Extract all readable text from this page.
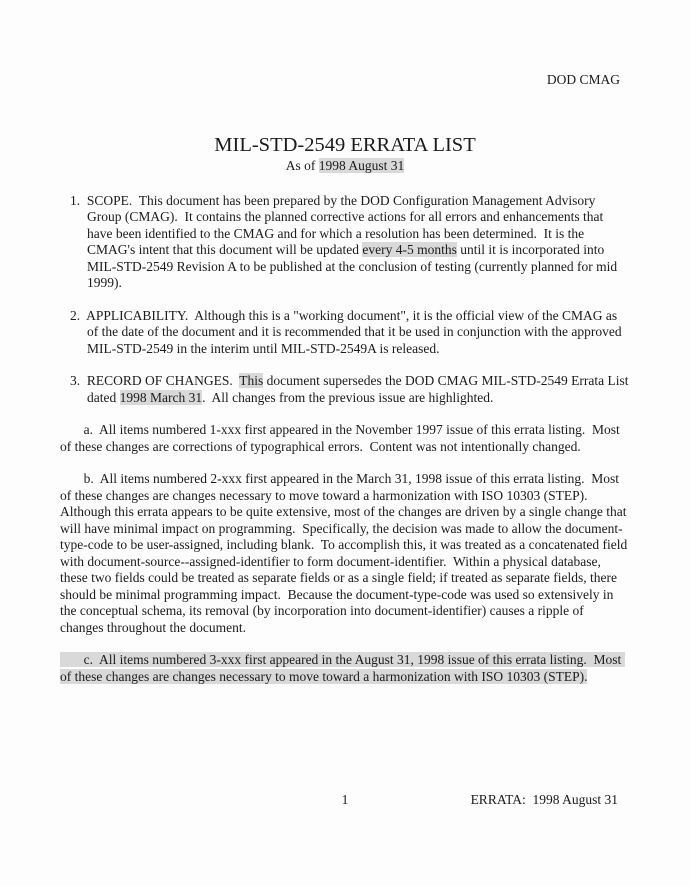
DOD CMAG
MIL-STD-2549 ERRATA LIST
As of 1998 August 31

1.  SCOPE.  This document has been prepared by the DOD Configuration Management Advisory Group (CMAG).  It contains the planned corrective actions for all errors and enhancements that have been identified to the CMAG and for which a resolution has been determined.  It is the CMAG's intent that this document will be updated every 4-5 months until it is incorporated into MIL-STD-2549 Revision A to be published at the conclusion of testing (currently planned for mid 1999).

2.  APPLICABILITY.  Although this is a "working document", it is the official view of the CMAG as of the date of the document and it is recommended that it be used in conjunction with the approved MIL-STD-2549 in the interim until MIL-STD-2549A is released.

3.  RECORD OF CHANGES.  This document supersedes the DOD CMAG MIL-STD-2549 Errata List dated 1998 March 31.  All changes from the previous issue are highlighted.

a.  All items numbered 1-xxx first appeared in the November 1997 issue of this errata listing.  Most of these changes are corrections of typographical errors.  Content was not intentionally changed.

b.  All items numbered 2-xxx first appeared in the March 31, 1998 issue of this errata listing.  Most of these changes are changes necessary to move toward a harmonization with ISO 10303 (STEP).  Although this errata appears to be quite extensive, most of the changes are driven by a single change that will have minimal impact on programming.  Specifically, the decision was made to allow the document-type-code to be user-assigned, including blank.  To accomplish this, it was treated as a concatenated field with document-source--assigned-identifier to form document-identifier.  Within a physical database, these two fields could be treated as separate fields or as a single field; if treated as separate fields, there should be minimal programming impact.  Because the document-type-code was used so extensively in the conceptual schema, its removal (by incorporation into document-identifier) causes a ripple of changes throughout the document.

c.  All items numbered 3-xxx first appeared in the August 31, 1998 issue of this errata listing.  Most of these changes are changes necessary to move toward a harmonization with ISO 10303 (STEP).

1	ERRATA:  1998 August 31
